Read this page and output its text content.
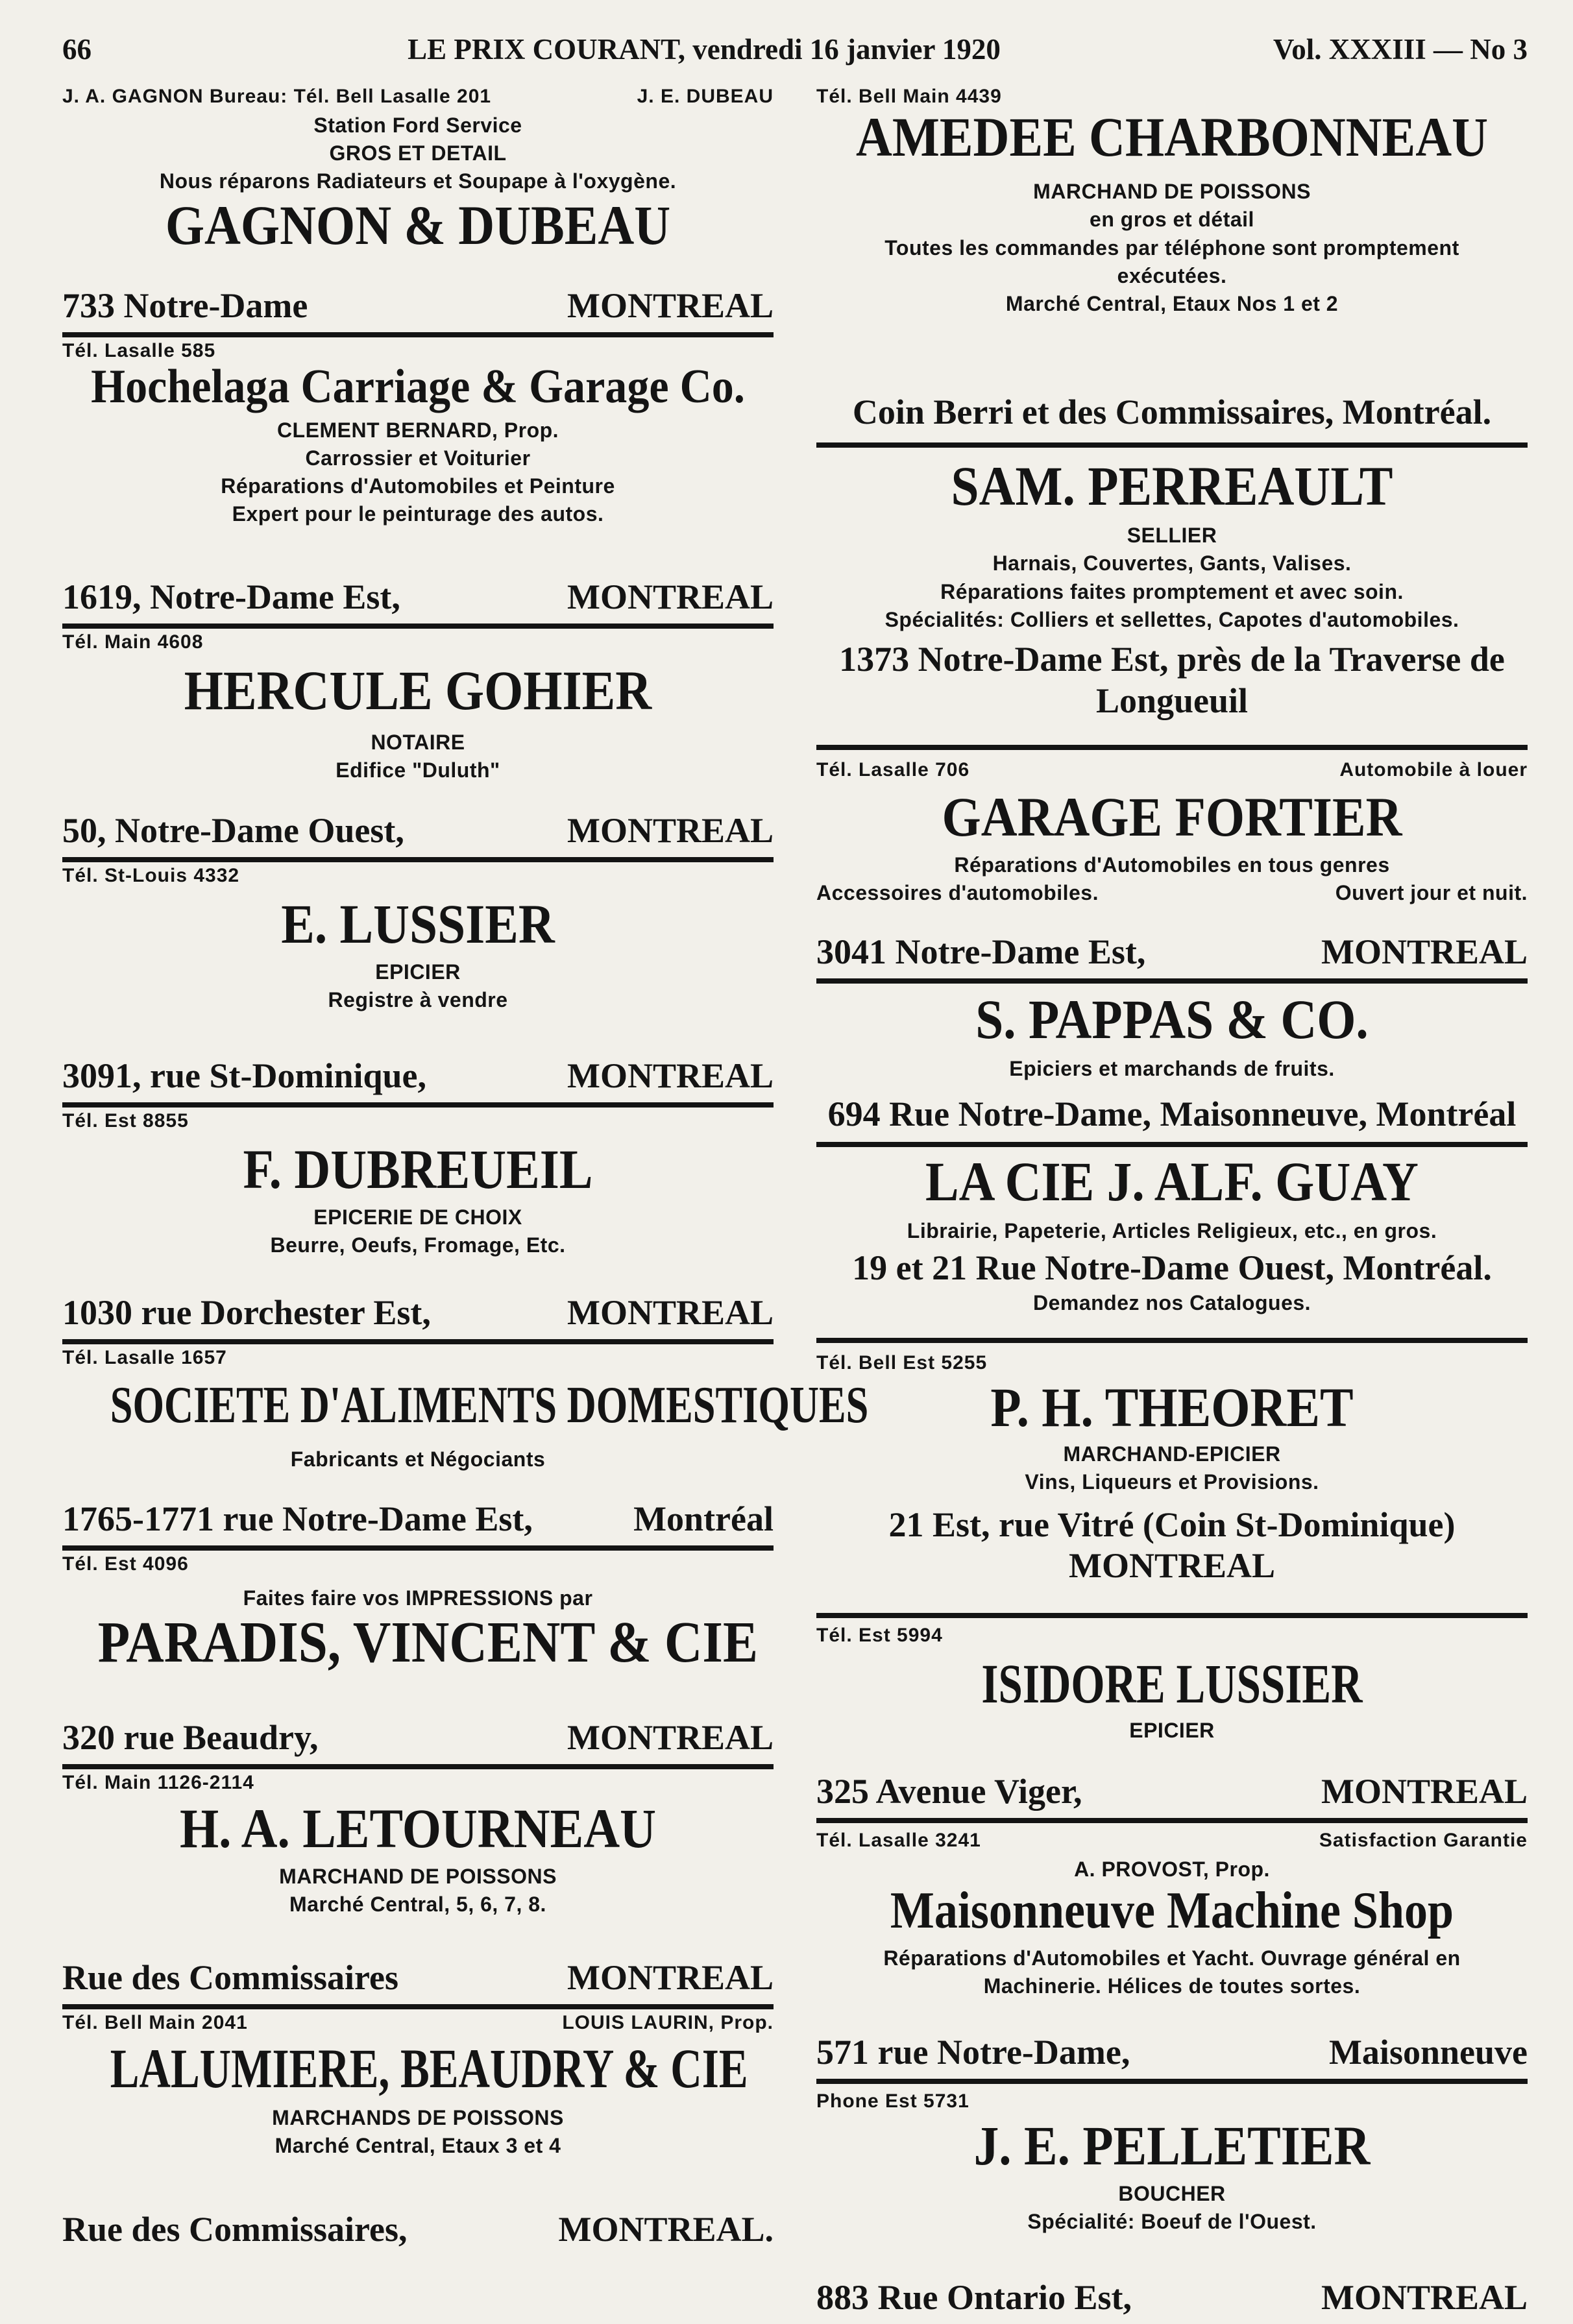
66	LE PRIX COURANT, vendredi 16 janvier 1920	Vol. XXXIII — No 3
J. A. GAGNON Bureau: Tél. Bell Lasalle 201	J. E. DUBEAU
Station Ford Service
GROS ET DETAIL
Nous réparons Radiateurs et Soupape à l'oxygène.
GAGNON & DUBEAU
733 Notre-Dame	MONTREAL
Tél. Lasalle 585
Hochelaga Carriage & Garage Co.
CLEMENT BERNARD, Prop.
Carrossier et Voiturier
Réparations d'Automobiles et Peinture
Expert pour le peinturage des autos.
1619, Notre-Dame Est,	MONTREAL
Tél. Main 4608
HERCULE GOHIER
NOTAIRE
Edifice "Duluth"
50, Notre-Dame Ouest,	MONTREAL
Tél. St-Louis 4332
E. LUSSIER
EPICIER
Registre à vendre
3091, rue St-Dominique,	MONTREAL
Tél. Est 8855
F. DUBREUEIL
EPICERIE DE CHOIX
Beurre, Oeufs, Fromage, Etc.
1030 rue Dorchester Est,	MONTREAL
Tél. Lasalle 1657
SOCIETE D'ALIMENTS DOMESTIQUES
Fabricants et Négociants
1765-1771 rue Notre-Dame Est,	Montréal
Tél. Est 4096
Faites faire vos IMPRESSIONS par
PARADIS, VINCENT & CIE
320 rue Beaudry,	MONTREAL
Tél. Main 1126-2114
H. A. LETOURNEAU
MARCHAND DE POISSONS
Marché Central, 5, 6, 7, 8.
Rue des Commissaires	MONTREAL
Tél. Bell Main 2041	LOUIS LAURIN, Prop.
LALUMIERE, BEAUDRY & CIE
MARCHANDS DE POISSONS
Marché Central, Etaux 3 et 4
Rue des Commissaires,	MONTREAL.
Tél. Bell Main 4439
AMEDEE CHARBONNEAU
MARCHAND DE POISSONS
en gros et détail
Toutes les commandes par téléphone sont promptement exécutées.
Marché Central, Etaux Nos 1 et 2
Coin Berri et des Commissaires, Montréal.
SAM. PERREAULT
SELLIER
Harnais, Couvertes, Gants, Valises.
Réparations faites promptement et avec soin.
Spécialités: Colliers et sellettes, Capotes d'automobiles.
1373 Notre-Dame Est, près de la Traverse de Longueuil
Tél. Lasalle 706	Automobile à louer
GARAGE FORTIER
Réparations d'Automobiles en tous genres
Accessoires d'automobiles.	Ouvert jour et nuit.
3041 Notre-Dame Est,	MONTREAL
S. PAPPAS & CO.
Epiciers et marchands de fruits.
694 Rue Notre-Dame, Maisonneuve, Montréal
LA CIE J. ALF. GUAY
Librairie, Papeterie, Articles Religieux, etc., en gros.
19 et 21 Rue Notre-Dame Ouest, Montréal.
Demandez nos Catalogues.
Tél. Bell Est 5255
P. H. THEORET
MARCHAND-EPICIER
Vins, Liqueurs et Provisions.
21 Est, rue Vitré (Coin St-Dominique) MONTREAL
Tél. Est 5994
ISIDORE LUSSIER
EPICIER
325 Avenue Viger,	MONTREAL
Tél. Lasalle 3241	Satisfaction Garantie
A. PROVOST, Prop.
Maisonneuve Machine Shop
Réparations d'Automobiles et Yacht. Ouvrage général en Machinerie. Hélices de toutes sortes.
571 rue Notre-Dame,	Maisonneuve
Phone Est 5731
J. E. PELLETIER
BOUCHER
Spécialité: Boeuf de l'Ouest.
883 Rue Ontario Est,	MONTREAL
